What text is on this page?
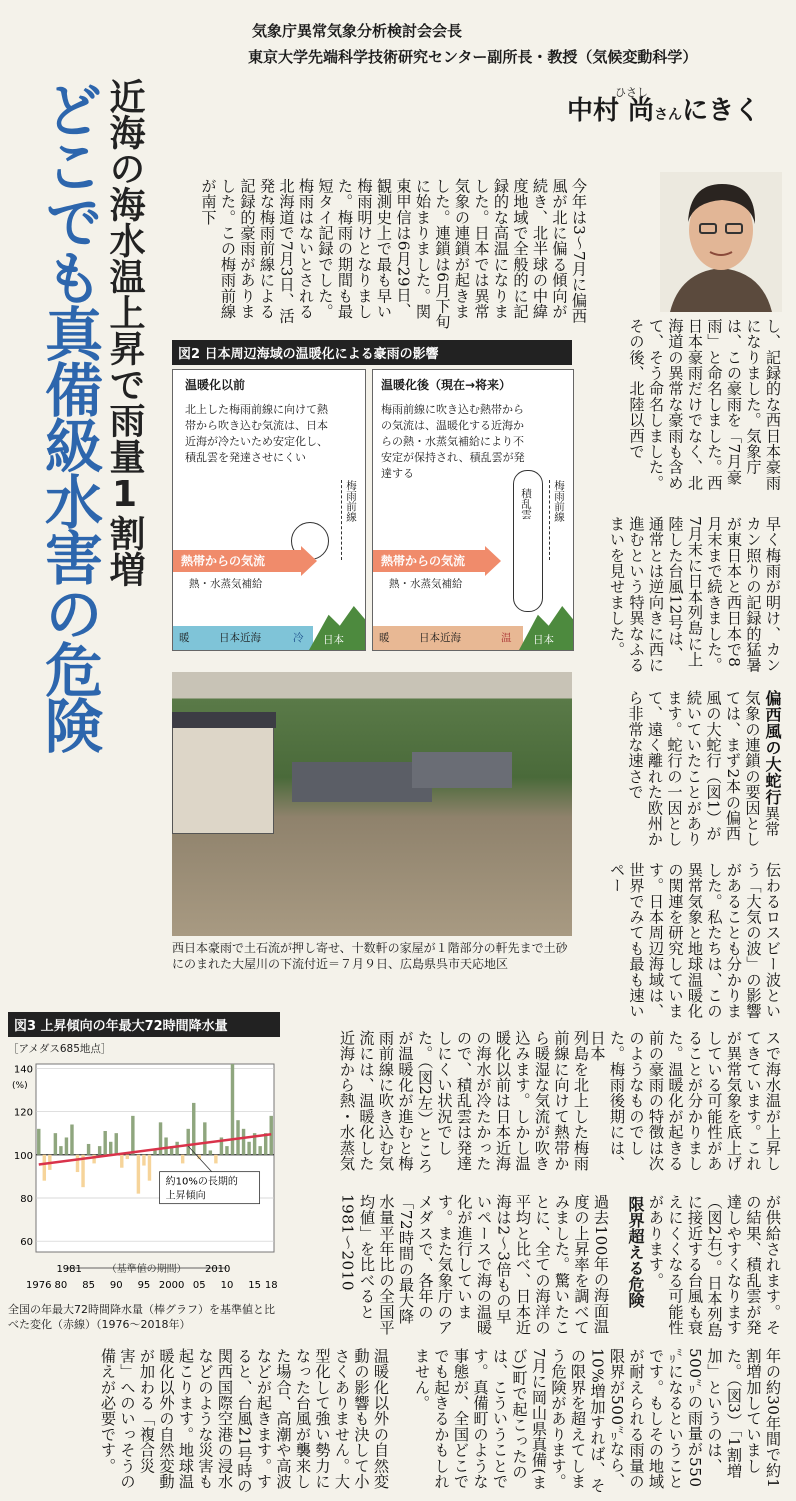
気象庁異常気象分析検討会会長
東京大学先端科学技術研究センター副所長・教授（気候変動科学）
ひさし
中村 尚さんにきく
どこでも真備級水害の危険 近海の海水温上昇で雨量1割増	今年は3～7月に偏西風が北に偏る傾向が続き、北半球の中緯度地域で全般的に記録的な高温になりました。日本では異常気象の連鎖が起きました。連鎖は6月下旬に始まりました。関東甲信は6月29日、観測史上で最も早い梅雨明けとなりました。梅雨の期間も最短タイ記録でした。梅雨はないとされる北海道で7月3日、活発な梅雨前線による記録的豪雨がありました。この梅雨前線が南下
し、記録的な西日本豪雨になりました。気象庁は、この豪雨を「7月豪雨」と命名しました。西日本豪雨だけでなく、北海道の異常な豪雨も含めて、そう命名しました。その後、北陸以西で
早く梅雨が明け、カンカン照りの記録的猛暑が東日本と西日本で8月末まで続きました。7月末に日本列島に上陸した台風12号は、通常とは逆向きに西に進むという特異なふるまいを見せました。
偏西風の大蛇行異常気象の連鎖の要因としては、まず2本の偏西風の大蛇行（図1）が続いていたことがあります。蛇行の一因として、遠く離れた欧州から非常な速さで
伝わるロスビー波という「大気の波」の影響があることも分かりました。私たちは、この異常気象と地球温暖化の関連を研究しています。日本周辺海域は、世界でみても最も速いペー
スで海水温が上昇してきています。これが異常気象を底上げしている可能性があることが分かりました。温暖化が起きる前の豪雨の特徴は次のようなものでした。梅雨後期には、日本
列島を北上した梅雨前線に向けて熱帯から暖湿な気流が吹き込みます。しかし温暖化以前は日本近海の海水が冷たかったので、積乱雲は発達しにくい状況でした。（図2左）ところが温暖化が進むと梅雨前線に吹き込む気流には、温暖化した近海から熱・水蒸気
が供給されます。その結果、積乱雲が発達しやすくなります（図2右）。日本列島に接近する台風も衰えにくくなる可能性があります。
限界超える危険
過去100年の海面温度の上昇率を調べてみました。驚いたことに、全ての海洋の平均と比べ、日本近海は2～3倍もの早いペースで海の温暖化が進行しています。また気象庁のアメダスで、各年の「72時間の最大降水量平年比の全国平均値」を比べると1981～2010
年の約30年間で約1割増加していました。（図3）「1割増加」というのは、500㍉の雨量が550㍉になるということです。もしその地域が耐えられる雨量の限界が500㍉なら、10%増加すれば、その限界を超えてしまう危険があります。7月に岡山県真備(まび)町で起こったのは、こういうことです。真備町のような事態が、全国どこででも起きるかもしれません。
温暖化以外の自然変動の影響も決して小さくありません。大型化して強い勢力になった台風が襲来した場合、高潮や高波などが起きます。すると、台風21号時の関西国際空港の浸水などのような災害も起こります。地球温暖化以外の自然変動が加わる「複合災害」へのいっそうの備えが必要です。
図2 日本周辺海域の温暖化による豪雨の影響
温暖化以前
北上した梅雨前線に向けて熱帯から吹き込む気流は、日本近海が冷たいため安定化し、積乱雲を発達させにくい
梅雨前線
熱帯からの気流
熱・水蒸気補給
暖	日本近海	冷 日本
温暖化後（現在→将来）
梅雨前線に吹き込む熱帯からの気流は、温暖化する近海からの熱・水蒸気補給により不安定が保持され、積乱雲が発達する
梅雨前線
積乱雲
熱帯からの気流
熱・水蒸気補給
暖	日本近海	温 日本
西日本豪雨で土石流が押し寄せ、十数軒の家屋が１階部分の軒先まで土砂にのまれた大屋川の下流付近＝７月９日、広島県呉市天応地区
図3 上昇傾向の年最大72時間降水量
［アメダス685地点］
60
80
100
120
140
(%)
1976 80 85 90 95 2000 05 10 15 18
約10%の長期的
上昇傾向
1981 （基準値の期間） 2010
全国の年最大72時間降水量（棒グラフ）を基準値と比べた変化（赤線）（1976～2018年）
